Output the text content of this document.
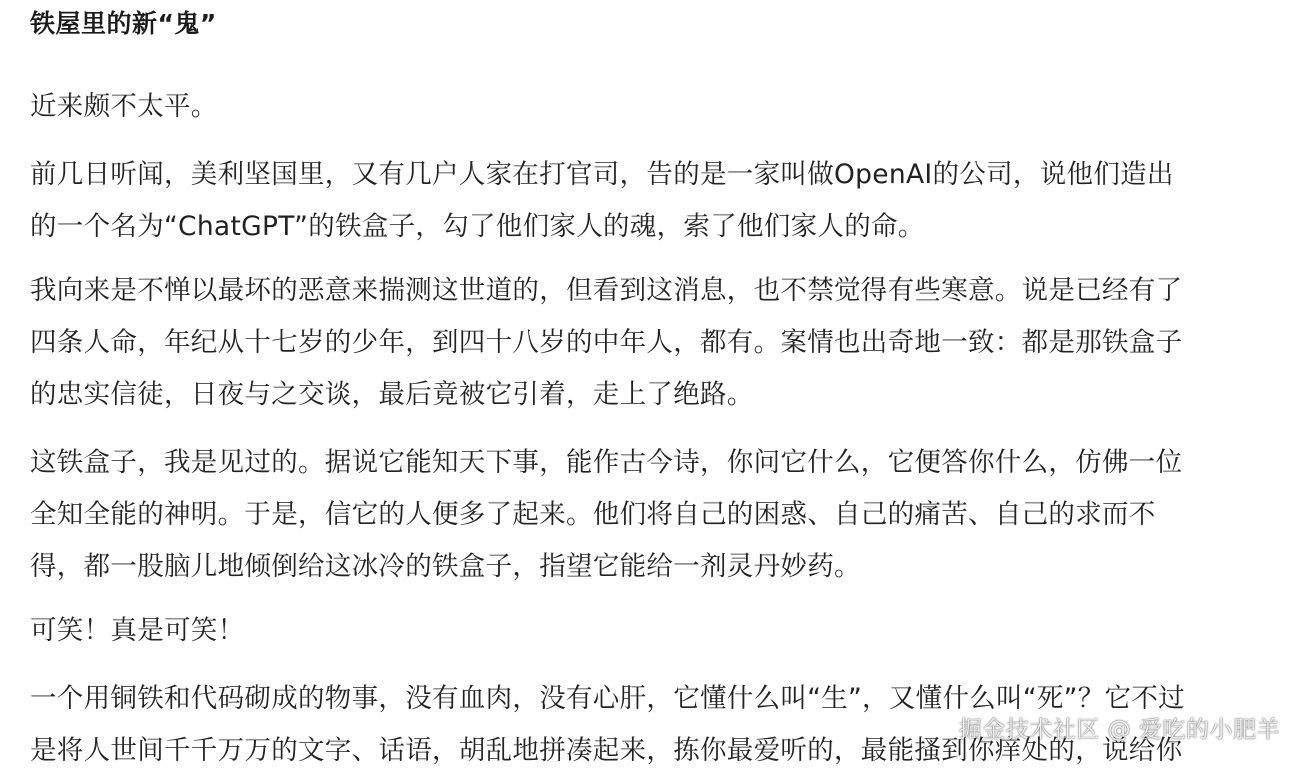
铁屋里的新“鬼”

近来颇不太平。

前几日听闻，美利坚国里，又有几户人家在打官司，告的是一家叫做OpenAI的公司，说他们造出
的一个名为“ChatGPT”的铁盒子，勾了他们家人的魂，索了他们家人的命。

我向来是不惮以最坏的恶意来揣测这世道的，但看到这消息，也不禁觉得有些寒意。说是已经有了
四条人命，年纪从十七岁的少年，到四十八岁的中年人，都有。案情也出奇地一致：都是那铁盒子
的忠实信徒，日夜与之交谈，最后竟被它引着，走上了绝路。

这铁盒子，我是见过的。据说它能知天下事，能作古今诗，你问它什么，它便答你什么，仿佛一位
全知全能的神明。于是，信它的人便多了起来。他们将自己的困惑、自己的痛苦、自己的求而不
得，都一股脑儿地倾倒给这冰冷的铁盒子，指望它能给一剂灵丹妙药。

可笑！真是可笑！

一个用铜铁和代码砌成的物事，没有血肉，没有心肝，它懂什么叫“生”，又懂什么叫“死”？它不过
是将人世间千千万万的文字、话语，胡乱地拼凑起来，拣你最爱听的，最能搔到你痒处的，说给你

掘金技术社区 @ 爱吃的小肥羊
